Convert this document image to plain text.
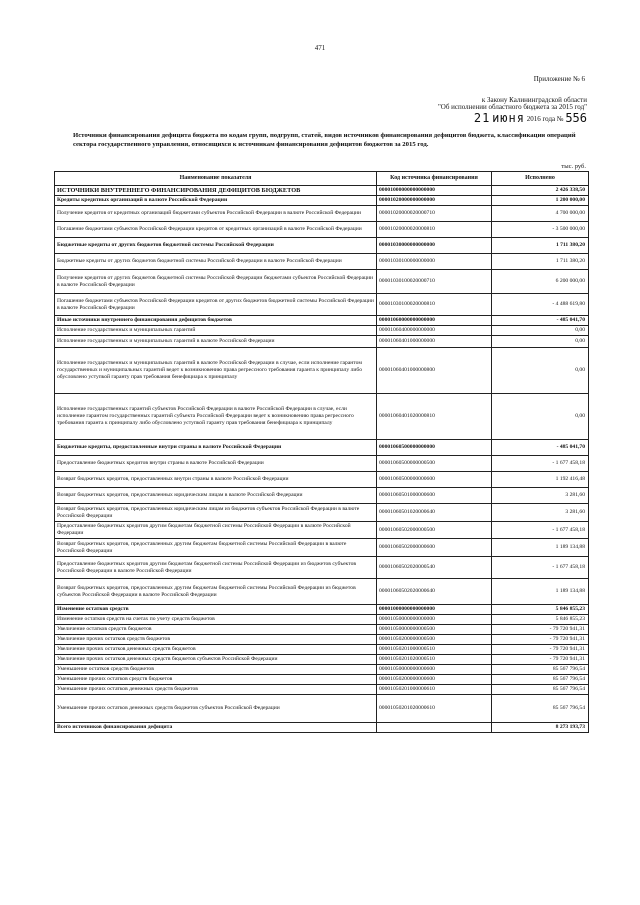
471
Приложение № 6
к Закону Калининградской области
"Об исполнении областного бюджета за 2015 год"
21 июня 2016 года № 556
Источники финансирования дефицита бюджета по кодам групп, подгрупп, статей, видов источников финансирования дефицитов бюджета, классификации операций сектора государственного управления, относящихся к источникам финансирования дефицитов бюджетов за 2015 год.
тыс. руб.
Наименование показателя	Код источника финансирования	Исполнено
ИСТОЧНИКИ ВНУТРЕННЕГО ФИНАНСИРОВАНИЯ ДЕФИЦИТОВ БЮДЖЕТОВ	00001000000000000000	2 426 338,50
Кредиты кредитных организаций в валюте Российской Федерации	00001020000000000000	1 200 000,00
Получение кредитов от кредитных организаций бюджетами субъектов Российской Федерации в валюте Российской Федерации	00001020000020000710	4 700 000,00
Погашение бюджетами субъектов Российской Федерации кредитов от кредитных организаций в валюте Российской Федерации	00001020000020000810	- 3 500 000,00
Бюджетные кредиты от других бюджетов бюджетной системы Российской Федерации	00001030000000000000	1 711 380,20
Бюджетные кредиты от других бюджетов бюджетной системы Российской Федерации в валюте Российской Федерации	00001030100000000000	1 711 380,20
Получение кредитов от других бюджетов бюджетной системы Российской Федерации бюджетами субъектов Российской Федерации в валюте Российской Федерации	00001030100020000710	6 200 000,00
Погашение бюджетами субъектов Российской Федерации кредитов от других бюджетов бюджетной системы Российской Федерации в валюте Российской Федерации	00001030100020000810	- 4 488 619,80
Иные источники внутреннего финансирования дефицитов бюджетов	00001060000000000000	- 485 041,70
Исполнение государственных и муниципальных гарантий	00001060400000000000	0,00
Исполнение государственных и муниципальных гарантий в валюте Российской Федерации	00001060401000000000	0,00
Исполнение государственных и муниципальных гарантий в валюте Российской Федерации в случае, если исполнение гарантом государственных и муниципальных гарантий ведет к возникновению права регрессного требования гаранта к принципалу либо обусловлено уступкой гаранту прав требования бенефициара к принципалу	00001060401000000800	0,00
Исполнение государственных гарантий субъектов Российской Федерации в валюте Российской Федерации в случае, если исполнение гарантом государственных гарантий субъекта Российской Федерации ведет к возникновению права регрессного требования гаранта к принципалу либо обусловлено уступкой гаранту прав требования бенефициара к принципалу	00001060401020000810	0,00
Бюджетные кредиты, предоставленные внутри страны в валюте Российской Федерации	00001060500000000000	- 485 041,70
Предоставление бюджетных кредитов внутри страны в валюте Российской Федерации	00001060500000000500	- 1 677 458,18
Возврат бюджетных кредитов, предоставленных внутри страны в валюте Российской Федерации	00001060500000000600	1 192 416,48
Возврат бюджетных кредитов, предоставленных юридическим лицам в валюте Российской Федерации	00001060501000000600	3 281,60
Возврат бюджетных кредитов, предоставленных юридическим лицам из бюджетов субъектов Российской Федерации в валюте Российской Федерации	00001060501020000640	3 281,60
Предоставление бюджетных кредитов другим бюджетам бюджетной системы Российской Федерации в валюте Российской Федерации	00001060502000000500	- 1 677 458,18
Возврат бюджетных кредитов, предоставленных другим бюджетам бюджетной системы Российской Федерации в валюте Российской Федерации	00001060502000000600	1 189 134,88
Предоставление бюджетных кредитов другим бюджетам бюджетной системы Российской Федерации из бюджетов субъектов Российской Федерации в валюте Российской Федерации	00001060502020000540	- 1 677 458,18
Возврат бюджетных кредитов, предоставленных другим бюджетам бюджетной системы Российской Федерации из бюджетов субъектов Российской Федерации в валюте Российской Федерации	00001060502020000640	1 189 134,88
Изменение остатков средств	00001000000000000000	5 846 855,23
Изменение остатков средств на счетах по учету средств бюджетов	00001050000000000000	5 846 855,23
Увеличение остатков средств бюджетов	00001050000000000500	- 79 720 941,31
Увеличение прочих остатков средств бюджетов	00001050200000000500	- 79 720 941,31
Увеличение прочих остатков денежных средств бюджетов	00001050201000000510	- 79 720 941,31
Увеличение прочих остатков денежных средств бюджетов субъектов Российской Федерации	00001050201020000510	- 79 720 941,31
Уменьшение остатков средств бюджетов	00001050000000000600	85 567 796,54
Уменьшение прочих остатков средств бюджетов	00001050200000000600	85 567 796,54
Уменьшение прочих остатков денежных средств бюджетов	00001050201000000610	85 567 796,54
Уменьшение прочих остатков денежных средств бюджетов субъектов Российской Федерации	00001050201020000610	85 567 796,54
Всего источников финансирования дефицита		8 273 193,73
